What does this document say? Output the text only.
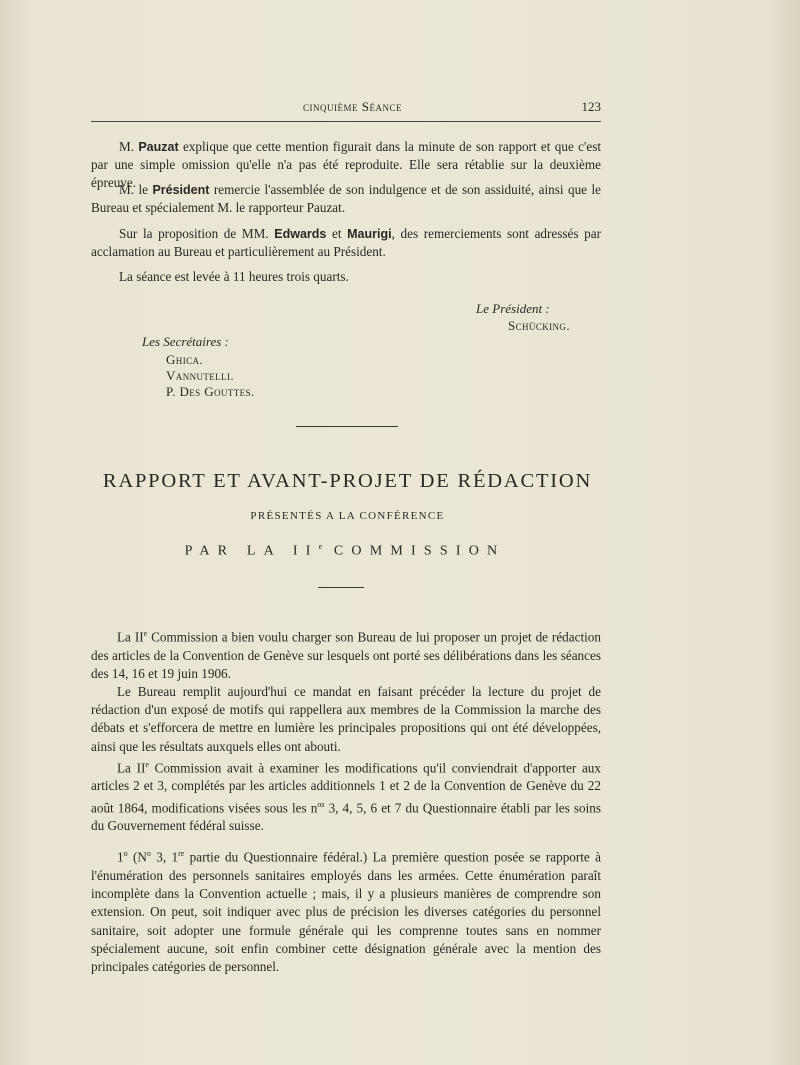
cinquième Séance	123
M. Pauzat explique que cette mention figurait dans la minute de son rapport et que c'est par une simple omission qu'elle n'a pas été reproduite. Elle sera rétablie sur la deuxième épreuve.
M. le Président remercie l'assemblée de son indulgence et de son assiduité, ainsi que le Bureau et spécialement M. le rapporteur Pauzat.
Sur la proposition de MM. Edwards et Maurigi, des remerciements sont adressés par acclamation au Bureau et particulièrement au Président.
La séance est levée à 11 heures trois quarts.
Le Président :
Schücking.
Les Secrétaires :
Ghica.
Vannutelli.
P. Des Gouttes.
RAPPORT ET AVANT-PROJET DE RÉDACTION
PRÉSENTÉS A LA CONFÉRENCE
PAR LA IIe COMMISSION

La IIe Commission a bien voulu charger son Bureau de lui proposer un projet de rédaction des articles de la Convention de Genève sur lesquels ont porté ses délibérations dans les séances des 14, 16 et 19 juin 1906.

Le Bureau remplit aujourd'hui ce mandat en faisant précéder la lecture du projet de rédaction d'un exposé de motifs qui rappellera aux membres de la Commission la marche des débats et s'efforcera de mettre en lumière les principales propositions qui ont été développées, ainsi que les résultats auxquels elles ont abouti.

La IIe Commission avait à examiner les modifications qu'il conviendrait d'apporter aux articles 2 et 3, complétés par les articles additionnels 1 et 2 de la Convention de Genève du 22 août 1864, modifications visées sous les $n^{os}$ 3, 4, 5, 6 et 7 du Questionnaire établi par les soins du Gouvernement fédéral suisse.

1$^o$ ($N^o$ 3, 1re partie du Questionnaire fédéral.) La première question posée se rapporte à l'énumération des personnels sanitaires employés dans les armées. Cette énumération paraît incomplète dans la Convention actuelle ; mais, il y a plusieurs manières de comprendre son extension. On peut, soit indiquer avec plus de précision les diverses catégories du personnel sanitaire, soit adopter une formule générale qui les comprenne toutes sans en nommer spécialement aucune, soit enfin combiner cette désignation générale avec la mention des principales catégories de personnel.
